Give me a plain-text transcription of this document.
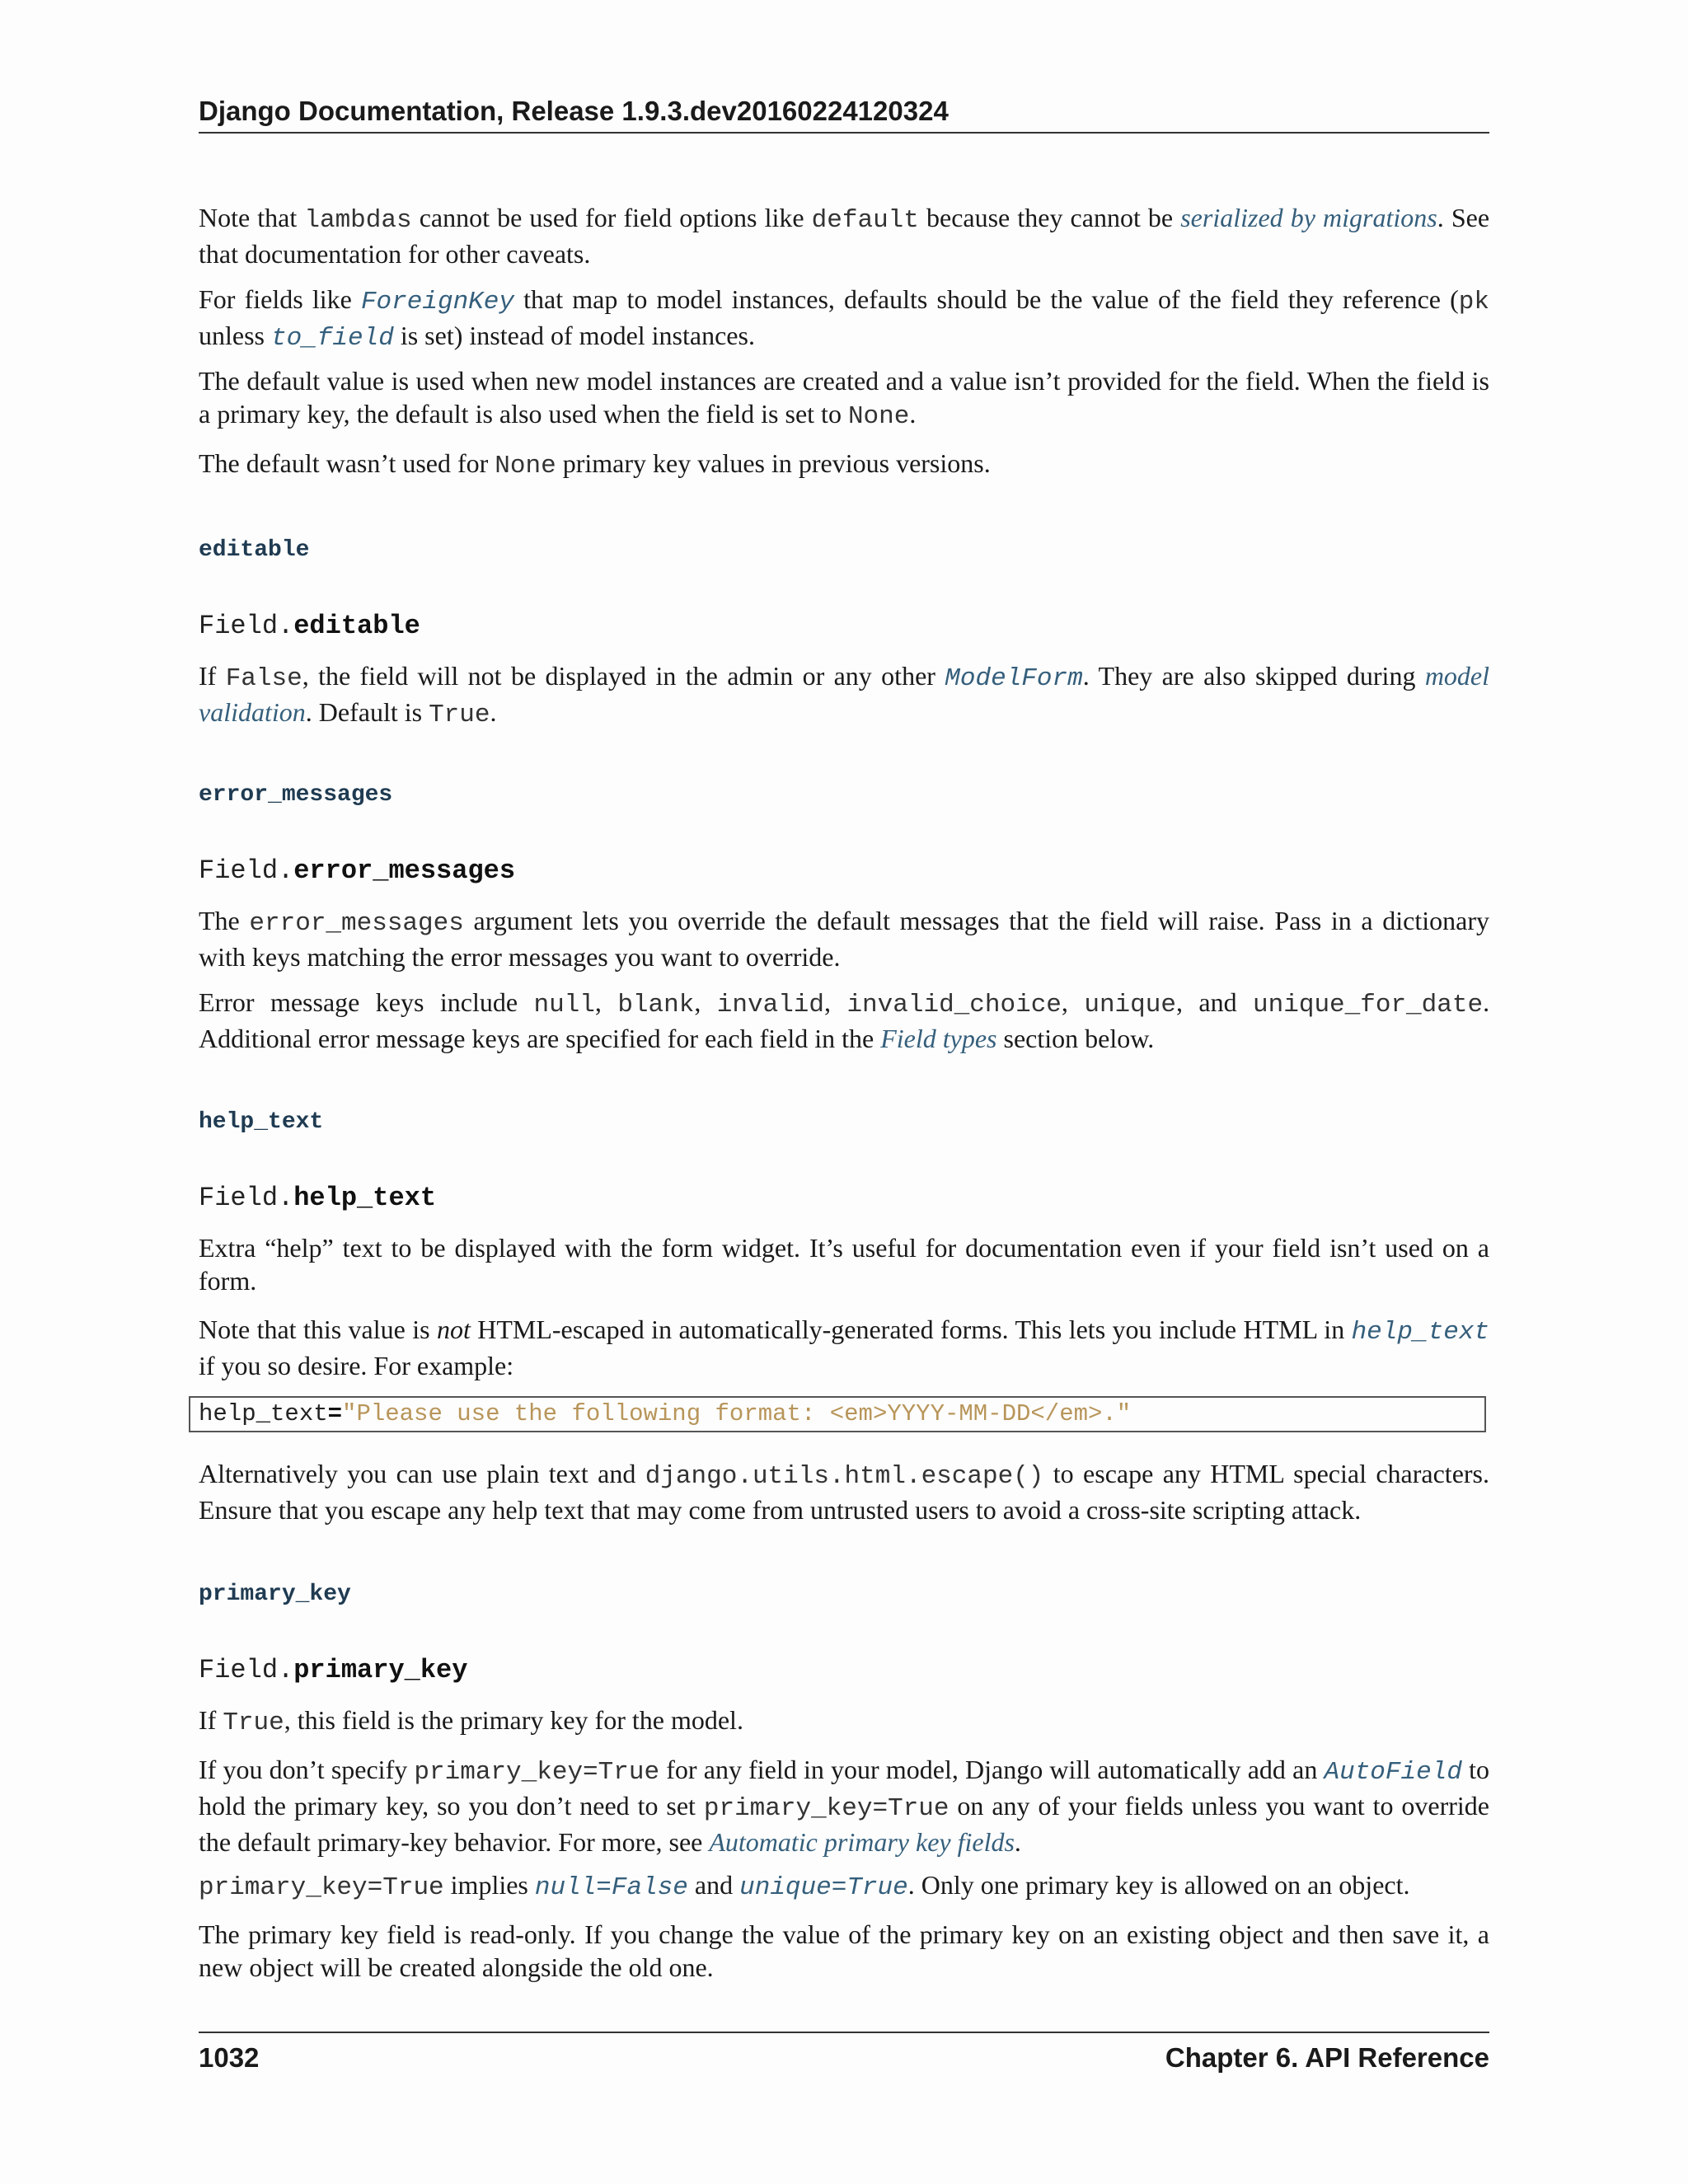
Django Documentation, Release 1.9.3.dev20160224120324

Note that lambdas cannot be used for field options like default because they cannot be serialized by migrations. See that documentation for other caveats.

For fields like ForeignKey that map to model instances, defaults should be the value of the field they reference (pk unless to_field is set) instead of model instances.

The default value is used when new model instances are created and a value isn’t provided for the field. When the field is a primary key, the default is also used when the field is set to None.

The default wasn’t used for None primary key values in previous versions.

editable
Field.editable

If False, the field will not be displayed in the admin or any other ModelForm. They are also skipped during model validation. Default is True.

error_messages
Field.error_messages

The error_messages argument lets you override the default messages that the field will raise. Pass in a dictionary with keys matching the error messages you want to override.

Error message keys include null, blank, invalid, invalid_choice, unique, and unique_for_date. Additional error message keys are specified for each field in the Field types section below.

help_text
Field.help_text

Extra “help” text to be displayed with the form widget. It’s useful for documentation even if your field isn’t used on a form.

Note that this value is not HTML-escaped in automatically-generated forms. This lets you include HTML in help_text if you so desire. For example:

help_text="Please use the following format: <em>YYYY-MM-DD</em>."

Alternatively you can use plain text and django.utils.html.escape() to escape any HTML special characters. Ensure that you escape any help text that may come from untrusted users to avoid a cross-site scripting attack.

primary_key
Field.primary_key

If True, this field is the primary key for the model.

If you don’t specify primary_key=True for any field in your model, Django will automatically add an AutoField to hold the primary key, so you don’t need to set primary_key=True on any of your fields unless you want to override the default primary-key behavior. For more, see Automatic primary key fields.

primary_key=True implies null=False and unique=True. Only one primary key is allowed on an object.

The primary key field is read-only. If you change the value of the primary key on an existing object and then save it, a new object will be created alongside the old one.

1032	Chapter 6. API Reference
